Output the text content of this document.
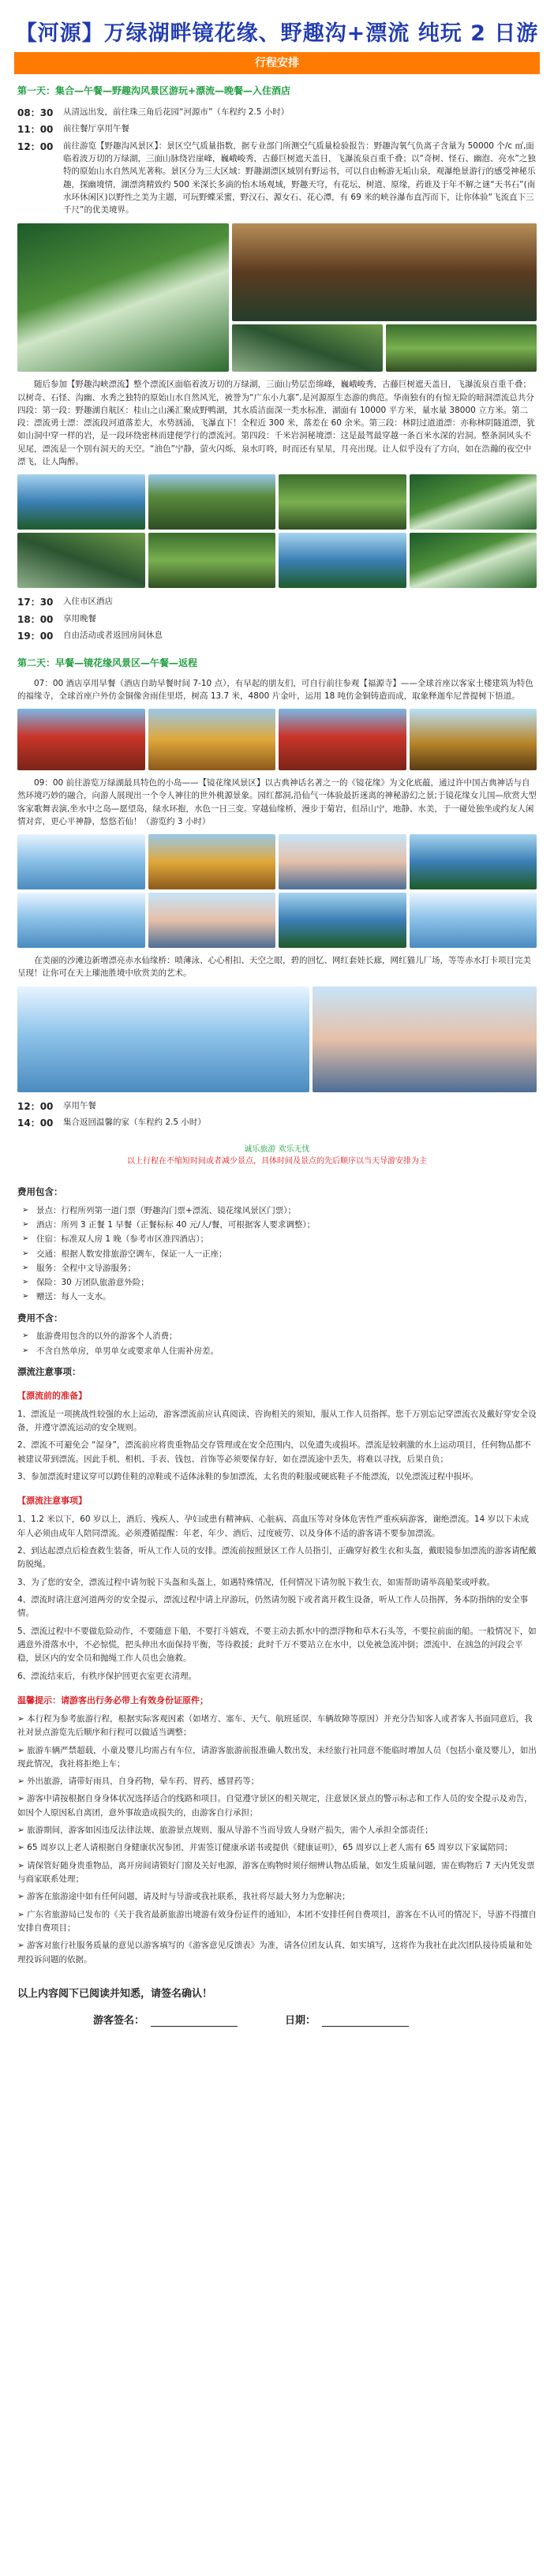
【河源】万绿湖畔镜花缘、野趣沟+漂流 纯玩 2 日游
行程安排
第一天：集合—午餐—野趣沟风景区游玩+漂流—晚餐—入住酒店
08：30	从清远出发，前往珠三角后花园“河源市”（车程约 2.5 小时）
11：00	前往餐厅享用午餐
12：00	前往游览【野趣沟风景区】：景区空气质量指数，据专业部门所测空气质量检验报告：野趣沟氧气负离子含量为 50000 个/c ㎡,面临着波万切的万绿湖，三面山脉绕岩崖峰，巍峨峻秀，古藤巨树遮天盖日，飞瀑流泉百重千叠；以“奇树、怪石、幽泡、亮水”之独特的原始山水自然风光著称。景区分为三大区域：野趣湖漂区域别有野运书，可以自由畅游无垢山泉，观瀑绝景游行的感受神秘乐趣，探幽境情，湖漂湾精致约 500 米深长多滴的怡木场观域，野趣天穹，有花坛、树道、原缘，药谁及于年不解之谜“天书石”(南水环休闲区)以野性之美为主题，可玩野蝶采蜜，野汉石、源女石、花心潭，有 69 米的峡谷瀑布直泻而下，让你体验“飞流直下三千尺”的优美境界。
随后参加【野趣沟峡漂流】整个漂流区面临着波万切的万绿湖，三面山势层峦绵峰，巍峨峻秀，古藤巨树遮天盖日，飞瀑流泉百重千叠；以树奇、石怪、沟幽、水秀之独特的原始山水自然风光，被誉为“广东小九寨”,是河源原生态游的典范。华南独有的有惊无险的暗洞漂流总共分四段：第一段：野趣湖自航区：桂山之山溪汇聚成野鸭湖，其水质洁面深一类水标准，湖面有 10000 平方米，量水量 38000 立方米。第二段：漂流勇士漂：漂流段河道落差大，水势汹涌，飞瀑直下！全程近 300 米，落差在 60 余米。第三段：林阴过道道漂：亦称林阴隧道漂，犹如山洞中穿一样的岩，是一段环绕密林而建便学行的漂流河。第四段：千米岩洞秘境漂：这是最驾最穿越一条百米水深的岩洞。整条洞风头不见尾，漂流是一个别有洞天的天空。“油色”宁静，萤火闪烁，泉水叮咚，时而还有星星，月亮出现。让人似乎没有了方向，如在浩瀚的夜空中漂飞，让人陶醉。
17：30	入住市区酒店
18：00	享用晚餐
19：00	自由活动或者返回房间休息
第二天：早餐—镜花缘风景区—午餐—返程
07：00 酒店享用早餐（酒店自助早餐时间 7-10 点），有早起的朋友们，可自行前往参观【福源寺】——全球首座以客家土楼建筑为特色的福缘寺，全球首座户外仿金铜像舍雨佳里塔，树高 13.7 米，4800 片金叶，运用 18 吨仿金铜铸造而成，取象释迦牟尼普提树下悟道。
09：00 前往游览万绿湖最具特色的小岛——【镜花缘风景区】以古典神话名著之一的《镜花缘》为文化底蕴，通过许中国古典神话与自然环境巧妙的融合，向游人展现出一个令人神往的世外桃源景象。园红都洞,沿仙气一体验最折迷离的神秘游幻之景;于镜花缘女儿国—欣赏大型客家歌舞表演,坐水中之岛—愿望岛，绿水环抱，水色一日三变。穿越仙缘桥，漫步于菊岩，但昂山宁，地静、水美，于一碰处独坐或约友人闲情对弈，更心平神静，悠悠若仙！（游览约 3 小时）
在美丽的沙滩边新增漂亮赤水仙缘桥：喷薄泳、心心相扣、天空之眼，碧的回忆、网红套娃长廊，网红猫儿厂场，等等赤水打卡项目完美呈现！让你可在天上璀池胜境中欣赏美的艺术。
12：00	享用午餐
14：00	集合返回温馨的家（车程约 2.5 小时）
诚乐旅游 欢乐无忧
以上行程在不缩短时间或者减少景点，具体时间及景点的先后顺序以当天导游安排为主
费用包含：
➢ 景点：行程所列第一道门票（野趣沟门票+漂流、镜花缘风景区门票）；
➢ 酒店：所列 3 正餐 1 早餐（正餐标标 40 元/人/餐，可根据客人要求调整）；
➢ 住宿：标准双人房 1 晚（参考市区准四酒店）；
➢ 交通：根据人数安排旅游空调车，保证一人一正座；
➢ 服务：全程中文导游服务；
➢ 保险：30 万团队旅游意外险；
➢ 赠送：每人一支水。
费用不含：
➢ 旅游费用包含的以外的游客个人消费；
➢ 不含自然单房，单男单女或要求单人住需补房差。
漂流注意事项：
【漂流前的准备】
1、漂流是一项挑战性较强的水上运动，游客漂流前应认真阅读、咨询相关的须知，服从工作人员指挥。您千万别忘记穿漂流衣及戴好穿安全设备，并遵守漂流运动的安全规则。
2、漂流不可避免会 “湿身”，漂流前应将贵重物品交存管理或在安全范围内，以免遗失或损坏。漂流是较刺激的水上运动项目，任何物品都不被建议带到漂流。因此手机、相机、手表、钱包、首饰等必须要保存好，如在漂流途中丢失，将难以寻找，后果自负；
3、参加漂流时建议穿可以跨佳鞋的凉鞋或不适体泳鞋的参加漂流，太名贵的鞋服或硬底鞋子不能漂流，以免漂流过程中损坏。
【漂流注意事项】
1、1.2 米以下，60 岁以上，酒后、残疾人、孕妇或患有精神病、心脏病、高血压等对身体危害性严重疾病游客，谢绝漂流。14 岁以下未成年人必须由成年人陪同漂流。必须遵循提醒：年老、年少、酒后、过度疲劳、以及身体不适的游客请不要参加漂流。
2、到达起漂点后检查救生装备，听从工作人员的安排。漂流前按照景区工作人员指引，正确穿好救生衣和头盔，戴眼镜参加漂流的游客请配戴防脱绳。
3、为了您的安全，漂流过程中请勿脱下头盔和头盔上，如遇特殊情况，任何情况下请勿脱下救生衣，如需帮助请举高船桨或呼救。
4、漂流时请注意河道两旁的安全提示，漂流过程中请上岸游玩，仍然请勿脱下或者离开救生设备，听从工作人员指挥，务本防指纳的安全事情。
5、漂流过程中不要做危险动作，不要随意下船，不要打斗嬉戏，不要主动去抓水中的漂浮物和草木石头等，不要拉前面的船。一般情况下，如遇意外滑落水中，不必惊慌，把头伸出水面保持平衡，等待救援；此时千万不要站立在水中，以免被急流冲倒；漂流中、在汹急的河段会平稳，景区内的安全员和抛绳工作人员也会施救。
6、漂流结束后，有秩序保护回更衣室更衣清理。
温馨提示：请游客出行务必带上有效身份证原件；
➢ 本行程为参考旅游行程，根据实际客观因素（如堵方、塞车、天气、航班延误、车辆故障等原因）并充分告知客人或者客人书面同意后，我社对景点游览先后顺序和行程可以做适当调整；
➢ 旅游车辆严禁超载，小童及婴儿均需占有车位，请游客旅游前报准确人数出发，未经旅行社同意不能临时增加人员（包括小童及婴儿），如出现此情况，我社将拒绝上车；
➢ 外出旅游，请带好雨具，自身药物，晕车药、胃药、感冒药等；
➢ 游客中请按根据自身身体状况选择适合的线路和项目。自觉遵守景区的相关规定，注意景区景点的警示标志和工作人员的安全提示及劝告，如因个人原因私自离团，意外事故造成损失的，由游客自行承担；
➢ 旅游期间，游客如因违反法律法规、旅游景点规则、服从导游不当而导致人身财产损失，需个人承担全部责任；
➢ 65 周岁以上老人请根据自身健康状况参团，并需签订健康承诺书或提供《健康证明》，65 周岁以上老人需有 65 周岁以下家属陪同；
➢ 请保管好随身贵重物品，离开房间请锁好门窗及关好电源，游客在购物时须仔细辨认物品质量，如发生质量问题，需在购物后 7 天内凭发票与商家联系处理；
➢ 游客在旅游途中如有任何问题，请及时与导游或我社联系，我社将尽最大努力为您解决；
➢ 广东省旅游局已发布的《关于我省最新旅游出境游有效身份证件的通知》，本团不安排任何自费项目，游客在不认可的情况下，导游不得擅自安排自费项目；
➢ 游客对旅行社服务质量的意见以游客填写的《游客意见反馈表》为准，请各位团友认真、如实填写，这将作为我社在此次团队接待质量和处理投诉问题的依据。
以上内容阅下已阅读并知悉，请签名确认！
游客签名：	日期：
